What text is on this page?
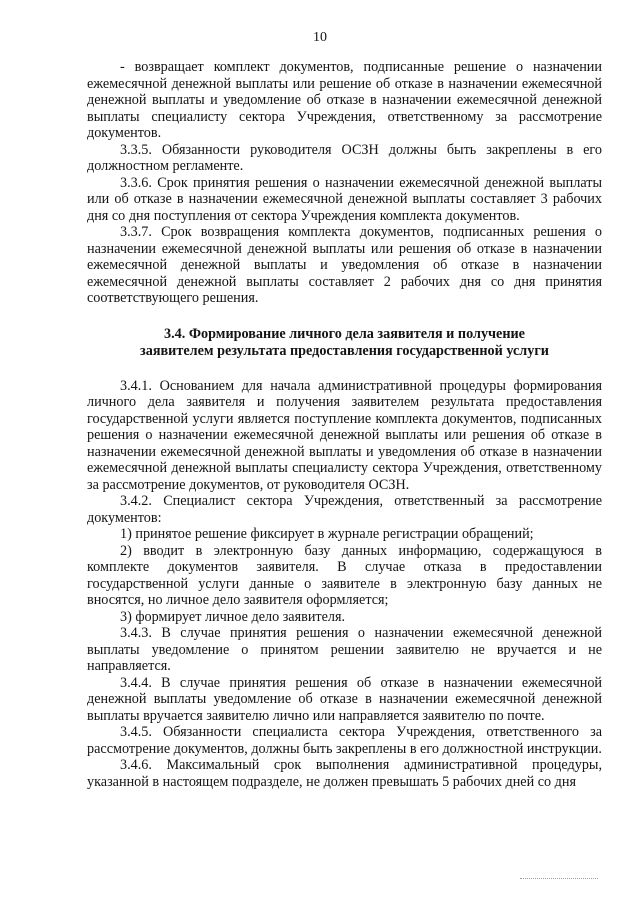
10

- возвращает комплект документов, подписанные решение о назначении ежемесячной денежной выплаты или решение об отказе в назначении ежемесячной денежной выплаты и уведомление об отказе в назначении ежемесячной денежной выплаты специалисту сектора Учреждения, ответственному за рассмотрение документов.

3.3.5. Обязанности руководителя ОСЗН должны быть закреплены в его должностном регламенте.

3.3.6. Срок принятия решения о назначении ежемесячной денежной выплаты или об отказе в назначении ежемесячной денежной выплаты составляет 3 рабочих дня со дня поступления от сектора Учреждения комплекта документов.

3.3.7. Срок возвращения комплекта документов, подписанных решения о назначении ежемесячной денежной выплаты или решения об отказе в назначении ежемесячной денежной выплаты и уведомления об отказе в назначении ежемесячной денежной выплаты составляет 2 рабочих дня со дня принятия соответствующего решения.

3.4. Формирование личного дела заявителя и получение
заявителем результата предоставления государственной услуги

3.4.1. Основанием для начала административной процедуры формирования личного дела заявителя и получения заявителем результата предоставления государственной услуги является поступление комплекта документов, подписанных решения о назначении ежемесячной денежной выплаты или решения об отказе в назначении ежемесячной денежной выплаты и уведомления об отказе в назначении ежемесячной денежной выплаты специалисту сектора Учреждения, ответственному за рассмотрение документов, от руководителя ОСЗН.

3.4.2. Специалист сектора Учреждения, ответственный за рассмотрение документов:

1) принятое решение фиксирует в журнале регистрации обращений;

2) вводит в электронную базу данных информацию, содержащуюся в комплекте документов заявителя. В случае отказа в предоставлении государственной услуги данные о заявителе в электронную базу данных не вносятся, но личное дело заявителя оформляется;

3) формирует личное дело заявителя.

3.4.3. В случае принятия решения о назначении ежемесячной денежной выплаты уведомление о принятом решении заявителю не вручается и не направляется.

3.4.4. В случае принятия решения об отказе в назначении ежемесячной денежной выплаты уведомление об отказе в назначении ежемесячной денежной выплаты вручается заявителю лично или направляется заявителю по почте.

3.4.5. Обязанности специалиста сектора Учреждения, ответственного за рассмотрение документов, должны быть закреплены в его должностной инструкции.

3.4.6. Максимальный срок выполнения административной процедуры, указанной в настоящем подразделе, не должен превышать 5 рабочих дней со дня
